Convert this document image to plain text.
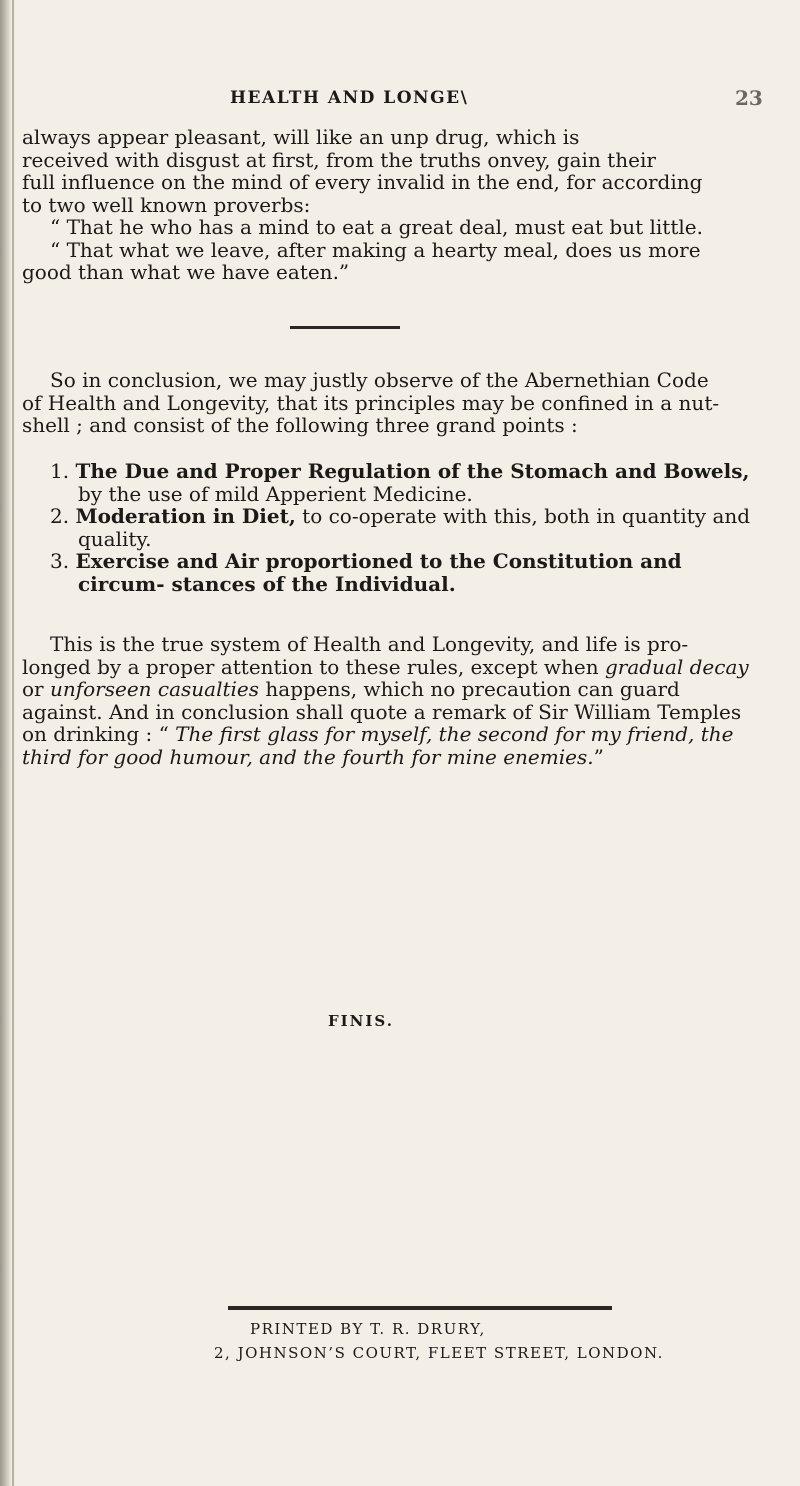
HEALTH AND LONGE\	23

always appear pleasant, will like an unp drug, which is

received with disgust at first, from the truths onvey, gain their

full influence on the mind of every invalid in the end, for according

to two well known proverbs:

“ That he who has a mind to eat a great deal, must eat but little.

“ That what we leave, after making a hearty meal, does us more

good than what we have eaten.”

So in conclusion, we may justly observe of the Abernethian Code

of Health and Longevity, that its principles may be confined in a nut-

shell ; and consist of the following three grand points :

1. The Due and Proper Regulation of the Stomach and Bowels, by the use of mild Apperient Medicine.

2. Moderation in Diet, to co-operate with this, both in quantity and quality.

3. Exercise and Air proportioned to the Constitution and circum- stances of the Individual.

This is the true system of Health and Longevity, and life is pro- longed by a proper attention to these rules, except when gradual decay or unforseen casualties happens, which no precaution can guard against. And in conclusion shall quote a remark of Sir William Temples on drinking : “ The first glass for myself, the second for my friend, the third for good humour, and the fourth for mine enemies.”

FINIS.
PRINTED BY T. R. DRURY,
2, JOHNSON’S COURT, FLEET STREET, LONDON.
